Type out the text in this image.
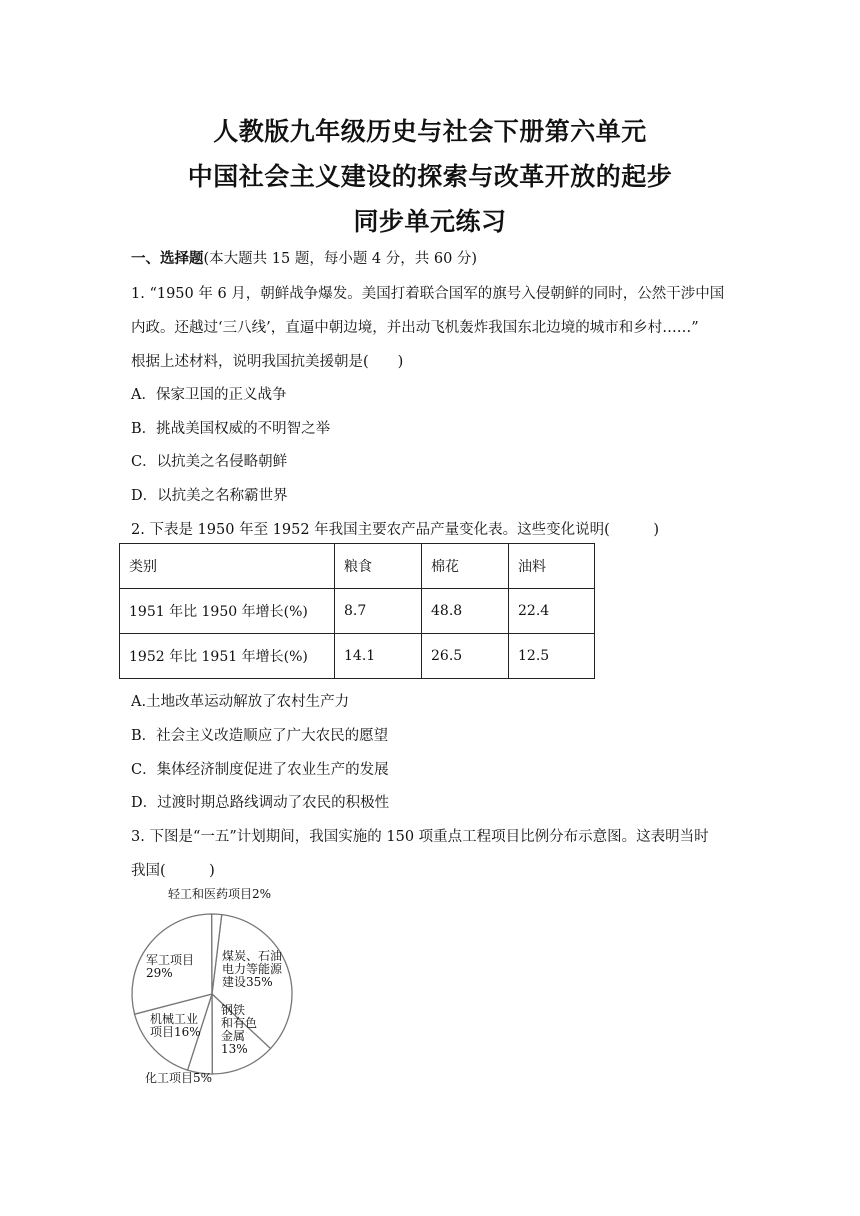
人教版九年级历史与社会下册第六单元
中国社会主义建设的探索与改革开放的起步
同步单元练习

一、选择题(本大题共 15 题，每小题 4 分，共 60 分)

1. “1950 年 6 月，朝鲜战争爆发。美国打着联合国军的旗号入侵朝鲜的同时，公然干涉中国

内政。还越过‘三八线’，直逼中朝边境，并出动飞机轰炸我国东北边境的城市和乡村……”

根据上述材料，说明我国抗美援朝是(　　)

A．保家卫国的正义战争

B．挑战美国权威的不明智之举

C．以抗美之名侵略朝鲜

D．以抗美之名称霸世界

2. 下表是 1950 年至 1952 年我国主要农产品产量变化表。这些变化说明(　　　)

类别	粮食	棉花	油料
1951 年比 1950 年增长(%)	8.7	48.8	22.4
1952 年比 1951 年增长(%)	14.1	26.5	12.5

A.土地改革运动解放了农村生产力

B．社会主义改造顺应了广大农民的愿望

C．集体经济制度促进了农业生产的发展

D．过渡时期总路线调动了农民的积极性

3. 下图是“一五”计划期间，我国实施的 150 项重点工程项目比例分布示意图。这表明当时

我国(　　　)

煤炭、石油电力等能源建设35%
钢铁和有色金属 13%
化工项目5%
机械工业项目16%
军工项目 29%
轻工和医药项目2%
